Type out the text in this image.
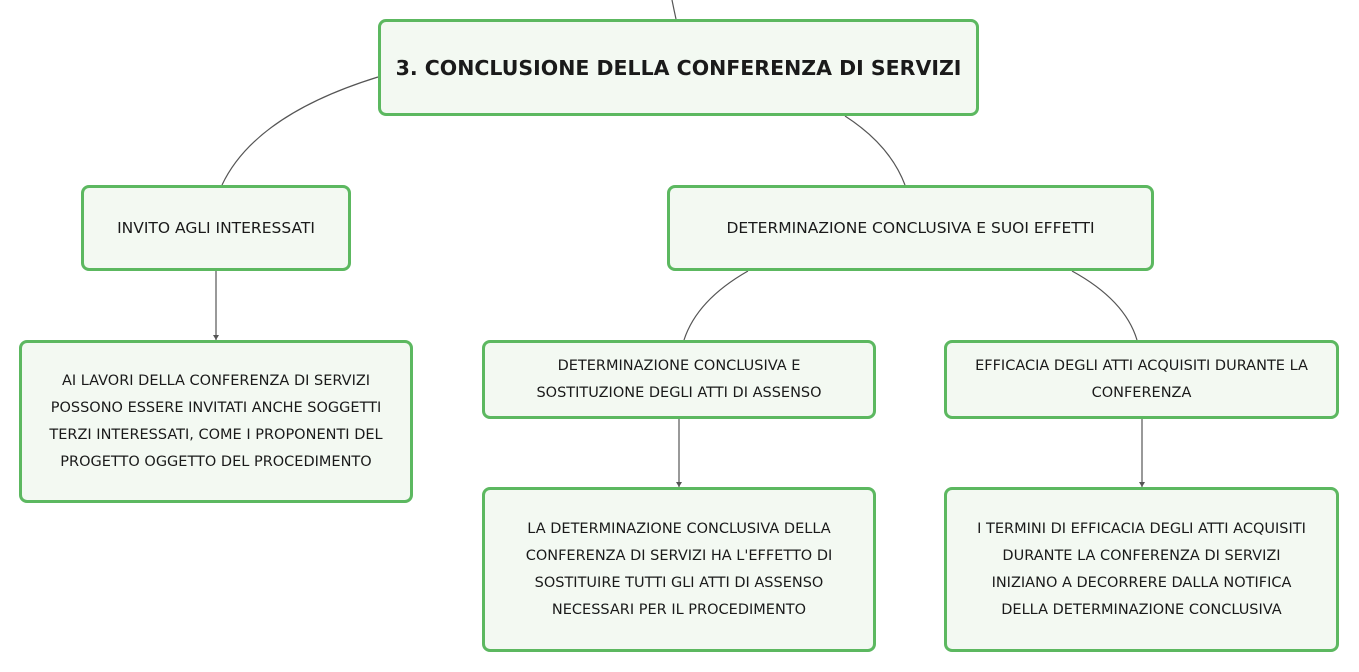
3. CONCLUSIONE DELLA CONFERENZA DI SERVIZI
INVITO AGLI INTERESSATI	DETERMINAZIONE CONCLUSIVA E SUOI EFFETTI
AI LAVORI DELLA CONFERENZA DI SERVIZI
POSSONO ESSERE INVITATI ANCHE SOGGETTI
TERZI INTERESSATI, COME I PROPONENTI DEL
PROGETTO OGGETTO DEL PROCEDIMENTO
DETERMINAZIONE CONCLUSIVA E
SOSTITUZIONE DEGLI ATTI DI ASSENSO
EFFICACIA DEGLI ATTI ACQUISITI DURANTE LA
CONFERENZA
LA DETERMINAZIONE CONCLUSIVA DELLA
CONFERENZA DI SERVIZI HA L'EFFETTO DI
SOSTITUIRE TUTTI GLI ATTI DI ASSENSO
NECESSARI PER IL PROCEDIMENTO
I TERMINI DI EFFICACIA DEGLI ATTI ACQUISITI
DURANTE LA CONFERENZA DI SERVIZI
INIZIANO A DECORRERE DALLA NOTIFICA
DELLA DETERMINAZIONE CONCLUSIVA
